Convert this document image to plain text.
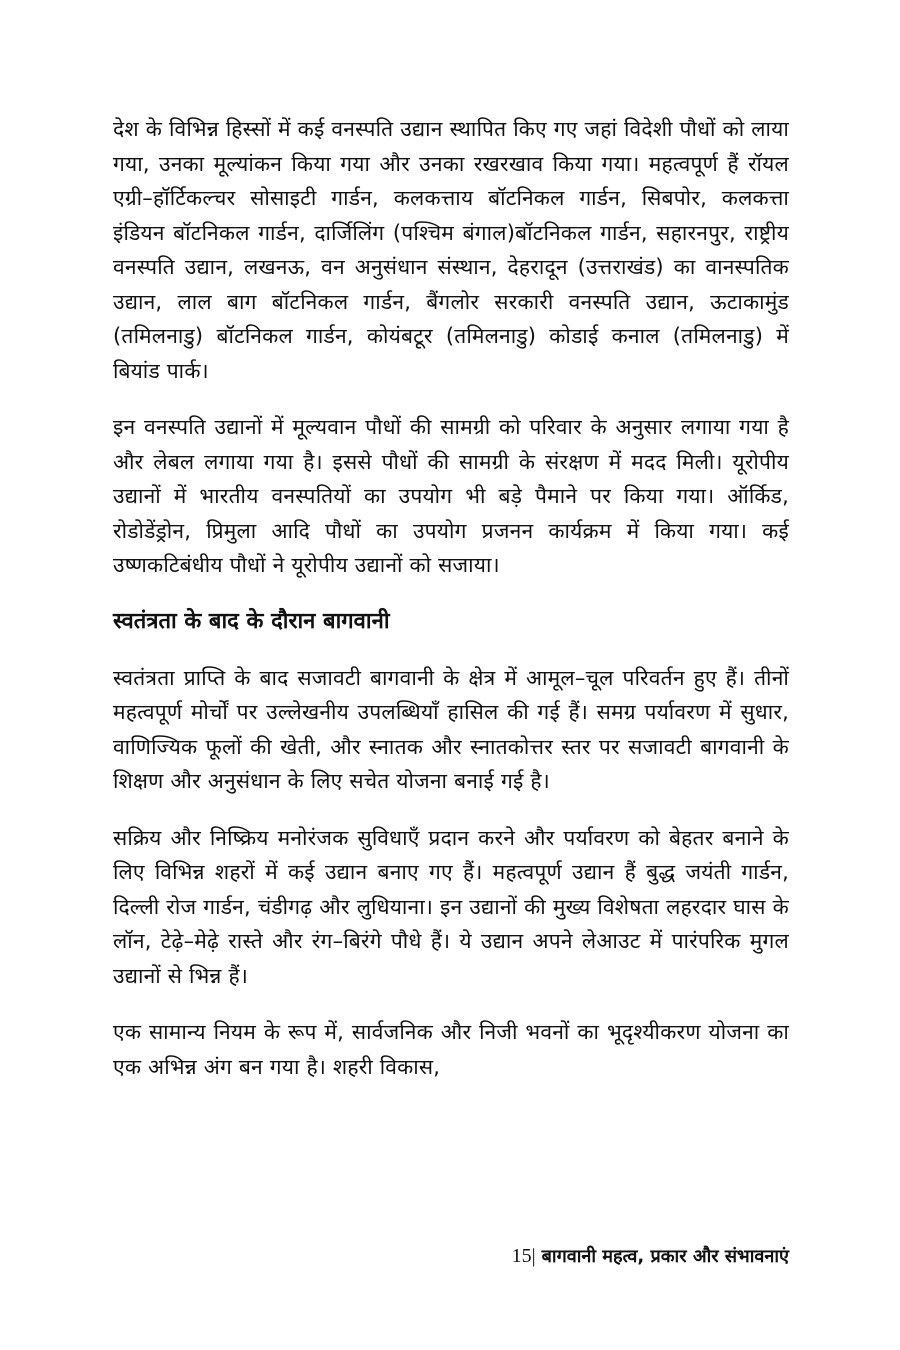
देश के विभिन्न हिस्सों में कई वनस्पति उद्यान स्थापित किए गए जहां विदेशी पौधों को लाया गया, उनका मूल्यांकन किया गया और उनका रखरखाव किया गया। महत्वपूर्ण हैं रॉयल एग्री–हॉर्टिकल्चर सोसाइटी गार्डन, कलकत्ताय बॉटनिकल गार्डन, सिबपोर, कलकत्ता इंडियन बॉटनिकल गार्डन, दार्जिलिंग (पश्चिम बंगाल)बॉटनिकल गार्डन, सहारनपुर, राष्ट्रीय वनस्पति उद्यान, लखनऊ, वन अनुसंधान संस्थान, देहरादून (उत्तराखंड) का वानस्पतिक उद्यान, लाल बाग बॉटनिकल गार्डन, बैंगलोर सरकारी वनस्पति उद्यान, ऊटाकामुंड (तमिलनाडु) बॉटनिकल गार्डन, कोयंबटूर (तमिलनाडु) कोडाई कनाल (तमिलनाडु) में बियांड पार्क।

इन वनस्पति उद्यानों में मूल्यवान पौधों की सामग्री को परिवार के अनुसार लगाया गया है और लेबल लगाया गया है। इससे पौधों की सामग्री के संरक्षण में मदद मिली। यूरोपीय उद्यानों में भारतीय वनस्पतियों का उपयोग भी बड़े पैमाने पर किया गया। ऑर्किड, रोडोडेंड्रोन, प्रिमुला आदि पौधों का उपयोग प्रजनन कार्यक्रम में किया गया। कई उष्णकटिबंधीय पौधों ने यूरोपीय उद्यानों को सजाया।

स्वतंत्रता के बाद के दौरान बागवानी

स्वतंत्रता प्राप्ति के बाद सजावटी बागवानी के क्षेत्र में आमूल–चूल परिवर्तन हुए हैं। तीनों महत्वपूर्ण मोर्चों पर उल्लेखनीय उपलब्धियाँ हासिल की गई हैं। समग्र पर्यावरण में सुधार, वाणिज्यिक फूलों की खेती, और स्नातक और स्नातकोत्तर स्तर पर सजावटी बागवानी के शिक्षण और अनुसंधान के लिए सचेत योजना बनाई गई है।

सक्रिय और निष्क्रिय मनोरंजक सुविधाएँ प्रदान करने और पर्यावरण को बेहतर बनाने के लिए विभिन्न शहरों में कई उद्यान बनाए गए हैं। महत्वपूर्ण उद्यान हैं बुद्ध जयंती गार्डन, दिल्ली रोज गार्डन, चंडीगढ़ और लुधियाना। इन उद्यानों की मुख्य विशेषता लहरदार घास के लॉन, टेढ़े–मेढ़े रास्ते और रंग–बिरंगे पौधे हैं। ये उद्यान अपने लेआउट में पारंपरिक मुगल उद्यानों से भिन्न हैं।

एक सामान्य नियम के रूप में, सार्वजनिक और निजी भवनों का भूदृश्यीकरण योजना का एक अभिन्न अंग बन गया है। शहरी विकास,

15| बागवानी महत्व, प्रकार और संभावनाएं
